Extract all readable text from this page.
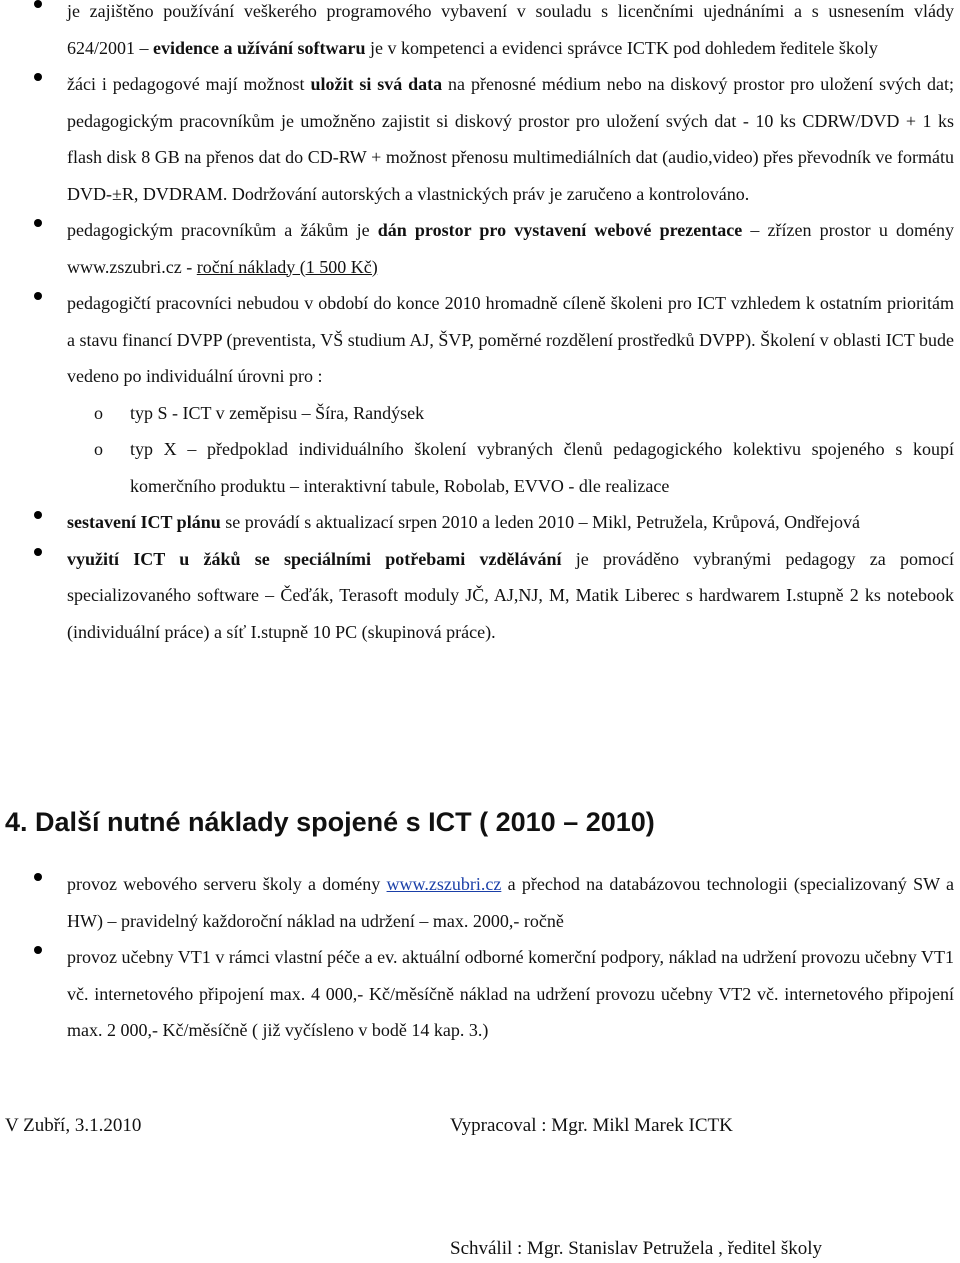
je zajištěno používání veškerého programového vybavení v souladu s licenčními ujednáními a s usnesením vlády 624/2001 – evidence a užívání softwaru je v kompetenci a evidenci správce ICTK pod dohledem ředitele školy
žáci i pedagogové mají možnost uložit si svá data na přenosné médium nebo na diskový prostor pro uložení svých dat; pedagogickým pracovníkům je umožněno zajistit si diskový prostor pro uložení svých dat - 10 ks CDRW/DVD + 1 ks flash disk 8 GB na přenos dat do CD-RW + možnost přenosu multimediálních dat (audio,video) přes převodník ve formátu DVD-±R, DVDRAM. Dodržování autorských a vlastnických práv je zaručeno a kontrolováno.
pedagogickým pracovníkům a žákům je dán prostor pro vystavení webové prezentace – zřízen prostor u domény www.zszubri.cz - roční náklady (1 500 Kč)
pedagogičtí pracovníci nebudou v období do konce 2010 hromadně cíleně školeni pro ICT vzhledem k ostatním prioritám a stavu financí DVPP (preventista, VŠ studium AJ, ŠVP, poměrné rozdělení prostředků DVPP). Školení v oblasti ICT bude vedeno po individuální úrovni pro :
o typ S - ICT v zeměpisu – Šíra, Randýsek
o typ X – předpoklad individuálního školení vybraných členů pedagogického kolektivu spojeného s koupí komerčního produktu – interaktivní tabule, Robolab, EVVO - dle realizace
sestavení ICT plánu se provádí s aktualizací srpen 2010 a leden 2010 – Mikl, Petružela, Krůpová, Ondřejová
využití ICT u žáků se speciálními potřebami vzdělávání je prováděno vybranými pedagogy za pomocí specializovaného software – Čeďák, Terasoft moduly JČ, AJ,NJ, M, Matik Liberec s hardwarem I.stupně 2 ks notebook (individuální práce) a síť I.stupně 10 PC (skupinová práce).
4. Další nutné náklady spojené s ICT ( 2010 – 2010)
provoz webového serveru školy a domény www.zszubri.cz a přechod na databázovou technologii (specializovaný SW a HW) – pravidelný každoroční náklad na udržení – max. 2000,- ročně
provoz učebny VT1 v rámci vlastní péče a ev. aktuální odborné komerční podpory, náklad na udržení provozu učebny VT1 vč. internetového připojení max. 4 000,- Kč/měsíčně náklad na udržení provozu učebny VT2 vč. internetového připojení max. 2 000,- Kč/měsíčně ( již vyčísleno v bodě 14 kap. 3.)
V Zubří, 3.1.2010	Vypracoval : Mgr. Mikl Marek ICTK
Schválil : Mgr. Stanislav Petružela , ředitel školy
